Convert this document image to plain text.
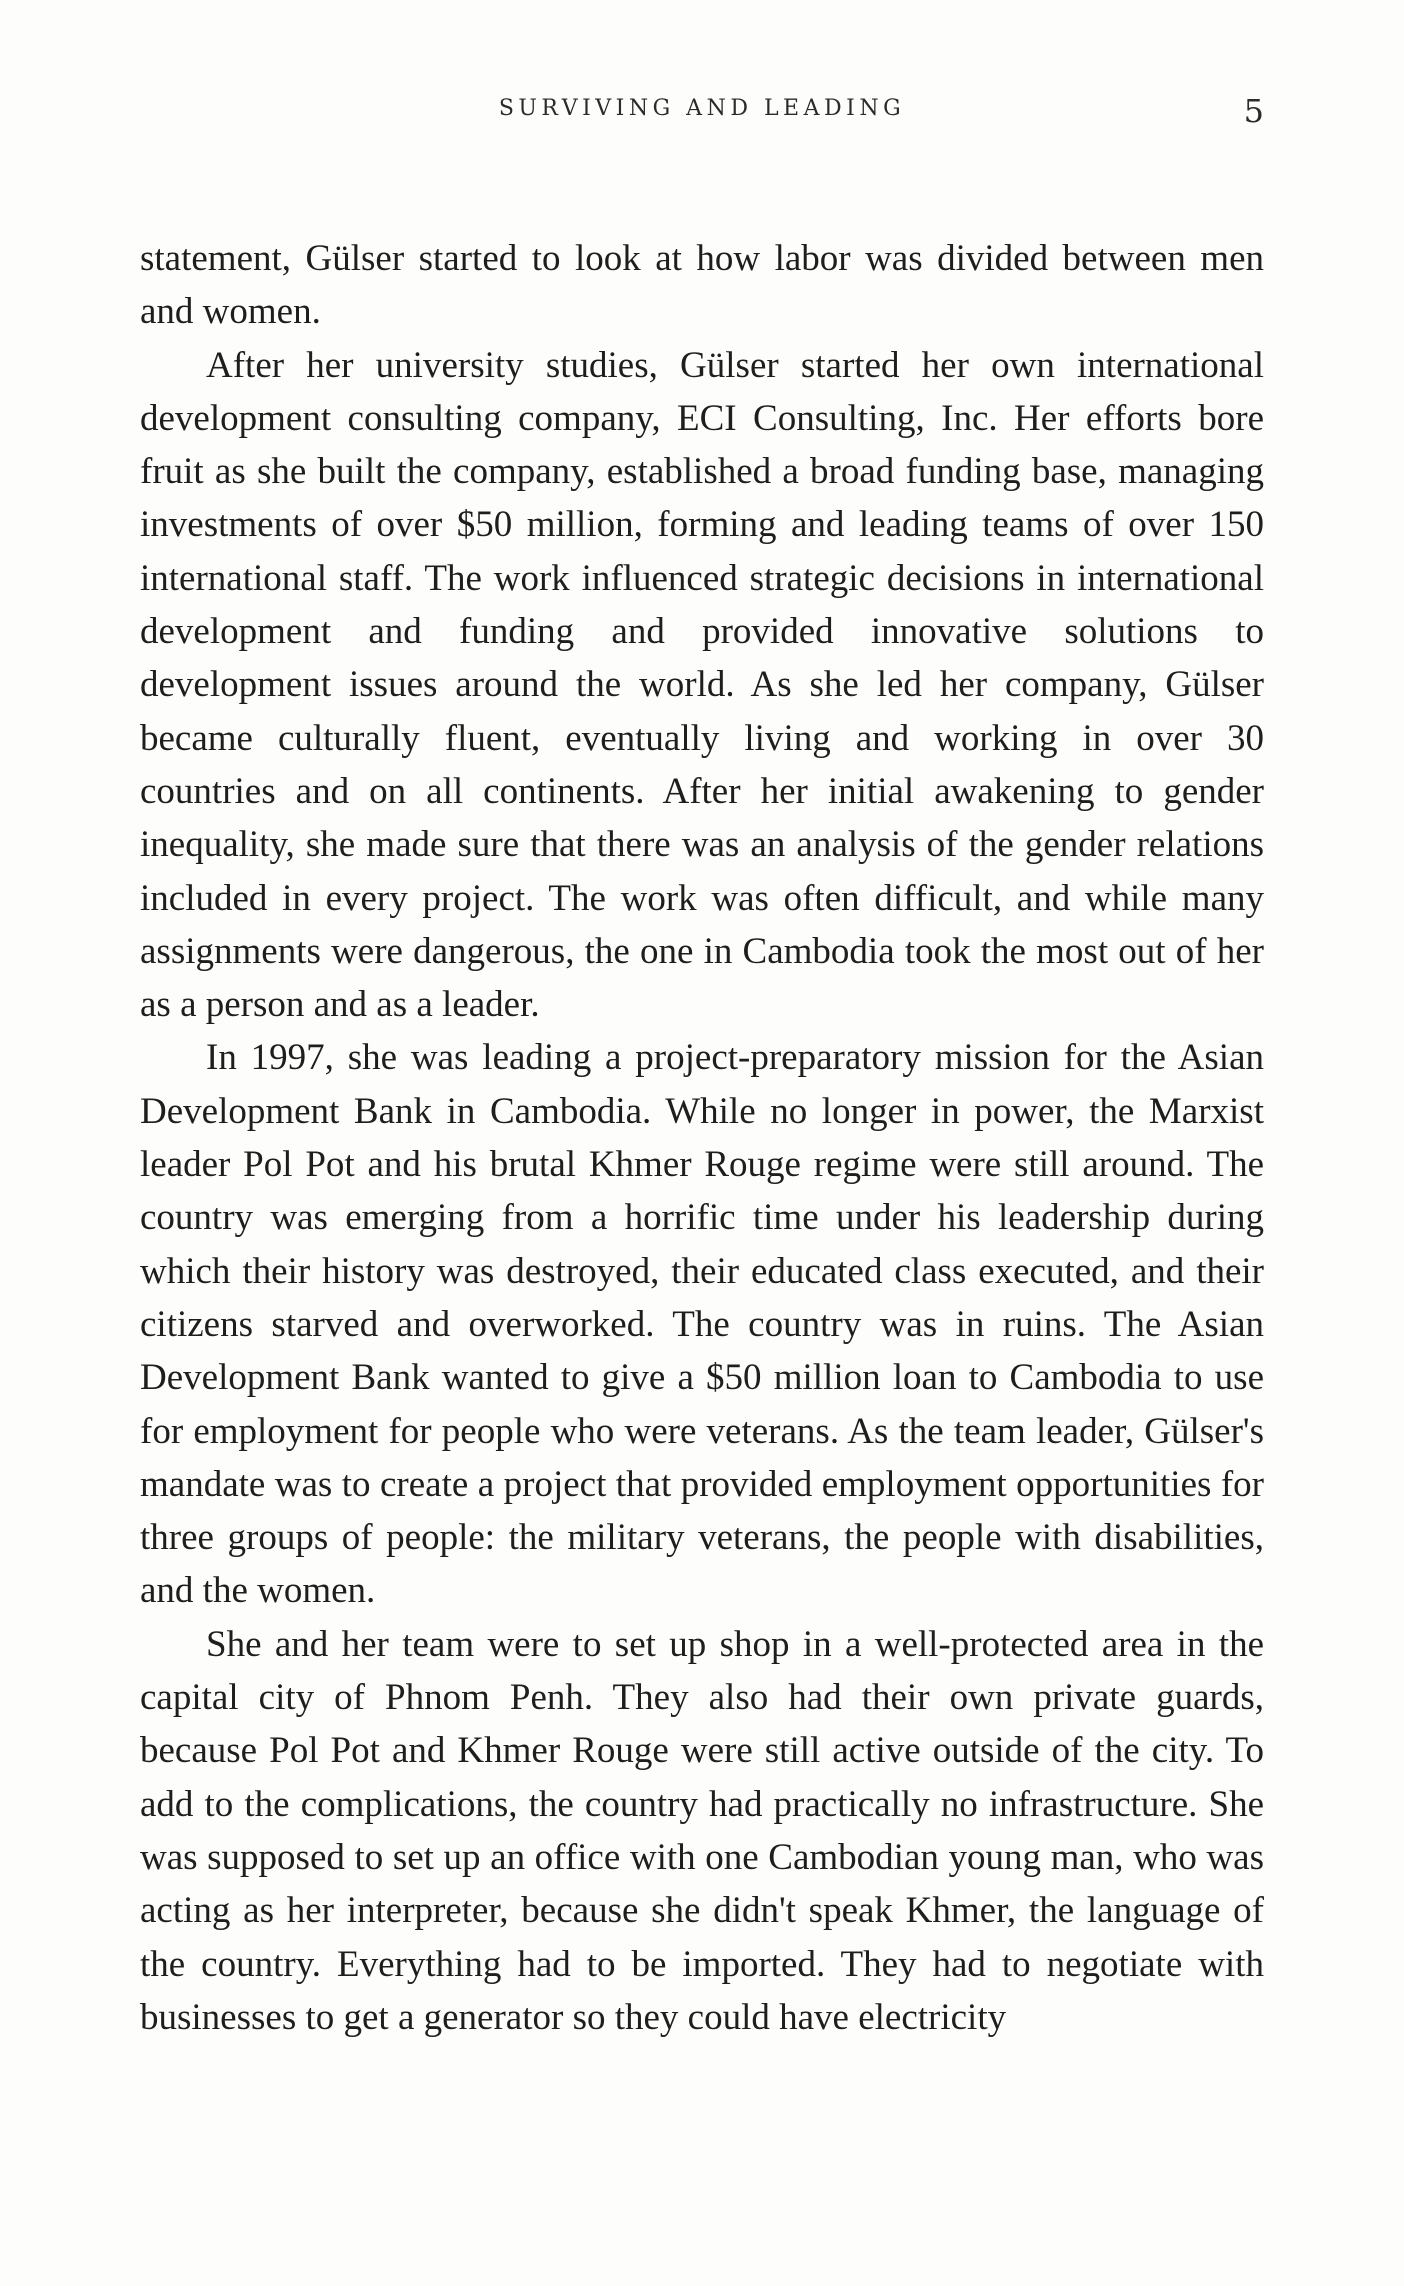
SURVIVING AND LEADING	5

statement, Gülser started to look at how labor was divided between men and women.

After her university studies, Gülser started her own international development consulting company, ECI Consulting, Inc. Her efforts bore fruit as she built the company, established a broad funding base, managing investments of over $50 million, forming and leading teams of over 150 international staff. The work influenced strategic decisions in international development and funding and provided innovative solutions to development issues around the world. As she led her company, Gülser became culturally fluent, eventually living and working in over 30 countries and on all continents. After her initial awakening to gender inequality, she made sure that there was an analysis of the gender relations included in every project. The work was often difficult, and while many assignments were dangerous, the one in Cambodia took the most out of her as a person and as a leader.

In 1997, she was leading a project-preparatory mission for the Asian Development Bank in Cambodia. While no longer in power, the Marxist leader Pol Pot and his brutal Khmer Rouge regime were still around. The country was emerging from a horrific time under his leadership during which their history was destroyed, their educated class executed, and their citizens starved and overworked. The country was in ruins. The Asian Development Bank wanted to give a $50 million loan to Cambodia to use for employment for people who were veterans. As the team leader, Gülser's mandate was to create a project that provided employment opportunities for three groups of people: the military veterans, the people with disabilities, and the women.

She and her team were to set up shop in a well-protected area in the capital city of Phnom Penh. They also had their own private guards, because Pol Pot and Khmer Rouge were still active outside of the city. To add to the complications, the country had practically no infrastructure. She was supposed to set up an office with one Cambodian young man, who was acting as her interpreter, because she didn't speak Khmer, the language of the country. Everything had to be imported. They had to negotiate with businesses to get a generator so they could have electricity
